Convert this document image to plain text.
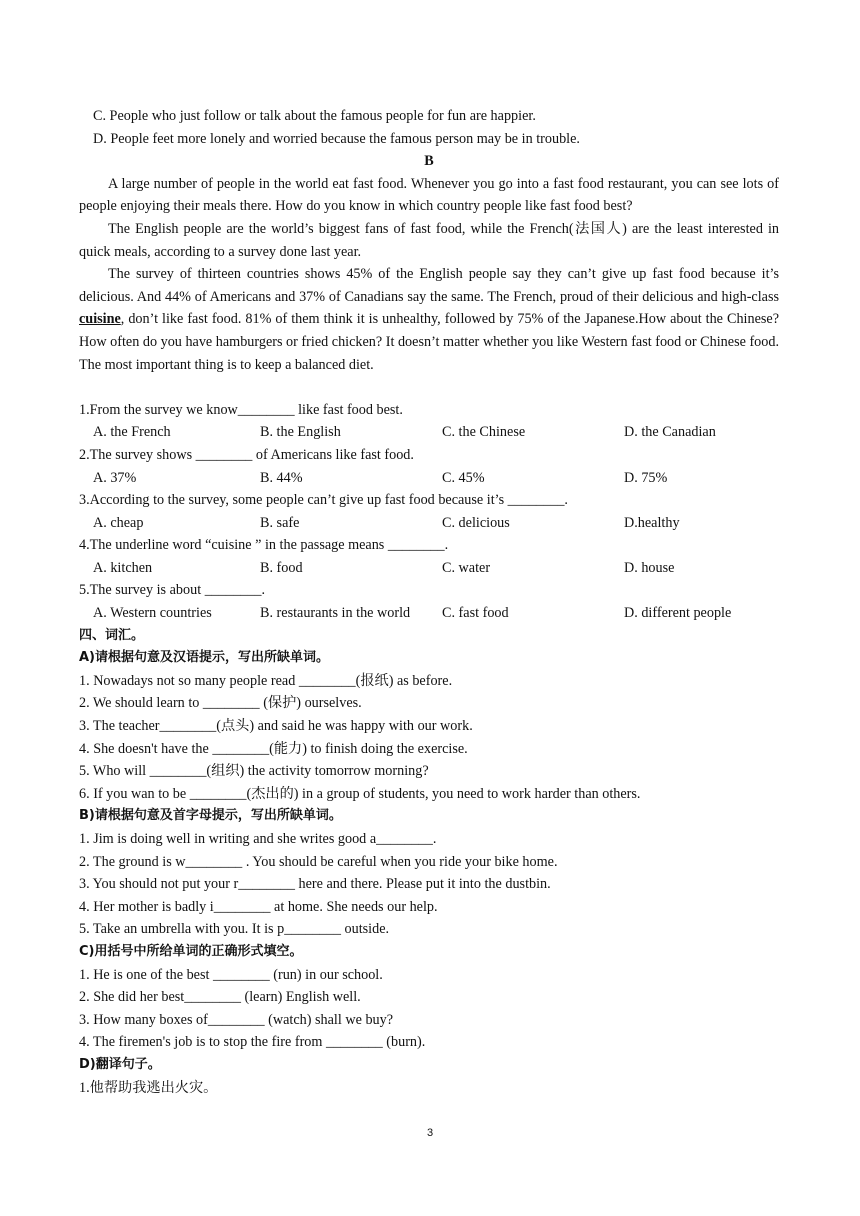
C. People who just follow or talk about the famous people for fun are happier.
D. People feet more lonely and worried because the famous person may be in trouble.
B

A large number of people in the world eat fast food. Whenever you go into a fast food restaurant, you can see lots of people enjoying their meals there. How do you know in which country people like fast food best?

The English people are the world’s biggest fans of fast food, while the French(法国人) are the least interested in quick meals, according to a survey done last year.

The survey of thirteen countries shows 45% of the English people say they can’t give up fast food because it’s delicious. And 44% of Americans and 37% of Canadians say the same. The French, proud of their delicious and high-class cuisine, don’t like fast food. 81% of them think it is unhealthy, followed by 75% of the Japanese.How about the Chinese? How often do you have hamburgers or fried chicken? It doesn’t matter whether you like Western fast food or Chinese food. The most important thing is to keep a balanced diet.

1.From the survey we know________ like fast food best.
A. the French	B. the English	C. the Chinese	D. the Canadian
2.The survey shows ________ of Americans like fast food.
A. 37%	B. 44%	C. 45%	D. 75%
3.According to the survey, some people can’t give up fast food because it’s ________.
A. cheap	B. safe	C. delicious	D.healthy
4.The underline word “cuisine ” in the passage means ________.
A. kitchen	B. food	C. water	D. house
5.The survey is about ________.
A. Western countries	B. restaurants in the world	C. fast food	D. different people
四、词汇。
A)请根据句意及汉语提示，写出所缺单词。
1. Nowadays not so many people read ________(报纸) as before.
2. We should learn to ________ (保护) ourselves.
3. The teacher________(点头) and said he was happy with our work.
4. She doesn't have the ________(能力) to finish doing the exercise.
5. Who will ________(组织) the activity tomorrow morning?
6. If you wan to be ________(杰出的) in a group of students, you need to work harder than others.
B)请根据句意及首字母提示，写出所缺单词。
1. Jim is doing well in writing and she writes good a________.
2. The ground is w________ . You should be careful when you ride your bike home.
3. You should not put your r________ here and there. Please put it into the dustbin.
4. Her mother is badly i________ at home. She needs our help.
5. Take an umbrella with you. It is p________ outside.
C)用括号中所给单词的正确形式填空。
1. He is one of the best ________ (run) in our school.
2. She did her best________ (learn) English well.
3. How many boxes of________ (watch) shall we buy?
4. The firemen's job is to stop the fire from ________ (burn).
D)翻译句子。
1.他帮助我逃出火灾。
3
